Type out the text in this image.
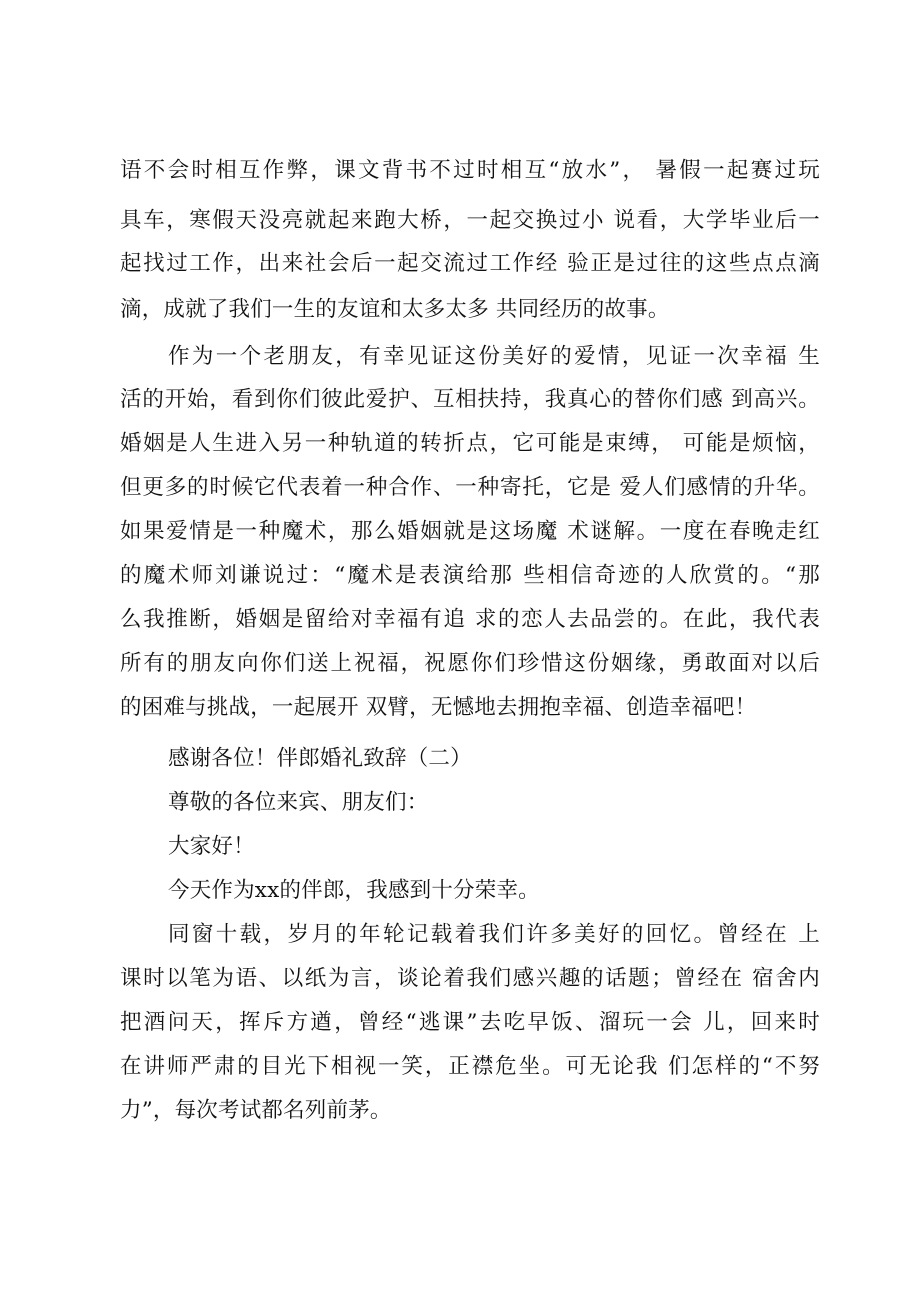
语不会时相互作弊，课文背书不过时相互“放水”， 暑假一起赛过玩
具车，寒假天没亮就起来跑大桥，一起交换过小 说看，大学毕业后一
起找过工作，出来社会后一起交流过工作经 验正是过往的这些点点滴
滴，成就了我们一生的友谊和太多太多 共同经历的故事。
作为一个老朋友，有幸见证这份美好的爱情，见证一次幸福 生
活的开始，看到你们彼此爱护、互相扶持，我真心的替你们感 到高兴。
婚姻是人生进入另一种轨道的转折点，它可能是束缚， 可能是烦恼，
但更多的时候它代表着一种合作、一种寄托，它是 爱人们感情的升华。
如果爱情是一种魔术，那么婚姻就是这场魔 术谜解。一度在春晚走红
的魔术师刘谦说过：“魔术是表演给那 些相信奇迹的人欣赏的。“那
么我推断，婚姻是留给对幸福有追 求的恋人去品尝的。在此，我代表
所有的朋友向你们送上祝福，祝愿你们珍惜这份姻缘，勇敢面对以后
的困难与挑战，一起展开 双臂，无憾地去拥抱幸福、创造幸福吧！
感谢各位！伴郎婚礼致辞（二）
尊敬的各位来宾、朋友们：
大家好！
今天作为xx的伴郎，我感到十分荣幸。
同窗十载，岁月的年轮记载着我们许多美好的回忆。曾经在 上
课时以笔为语、以纸为言，谈论着我们感兴趣的话题；曾经在 宿舍内
把酒问天，挥斥方遒，曾经“逃课”去吃早饭、溜玩一会 儿，回来时
在讲师严肃的目光下相视一笑，正襟危坐。可无论我 们怎样的“不努
力”，每次考试都名列前茅。
